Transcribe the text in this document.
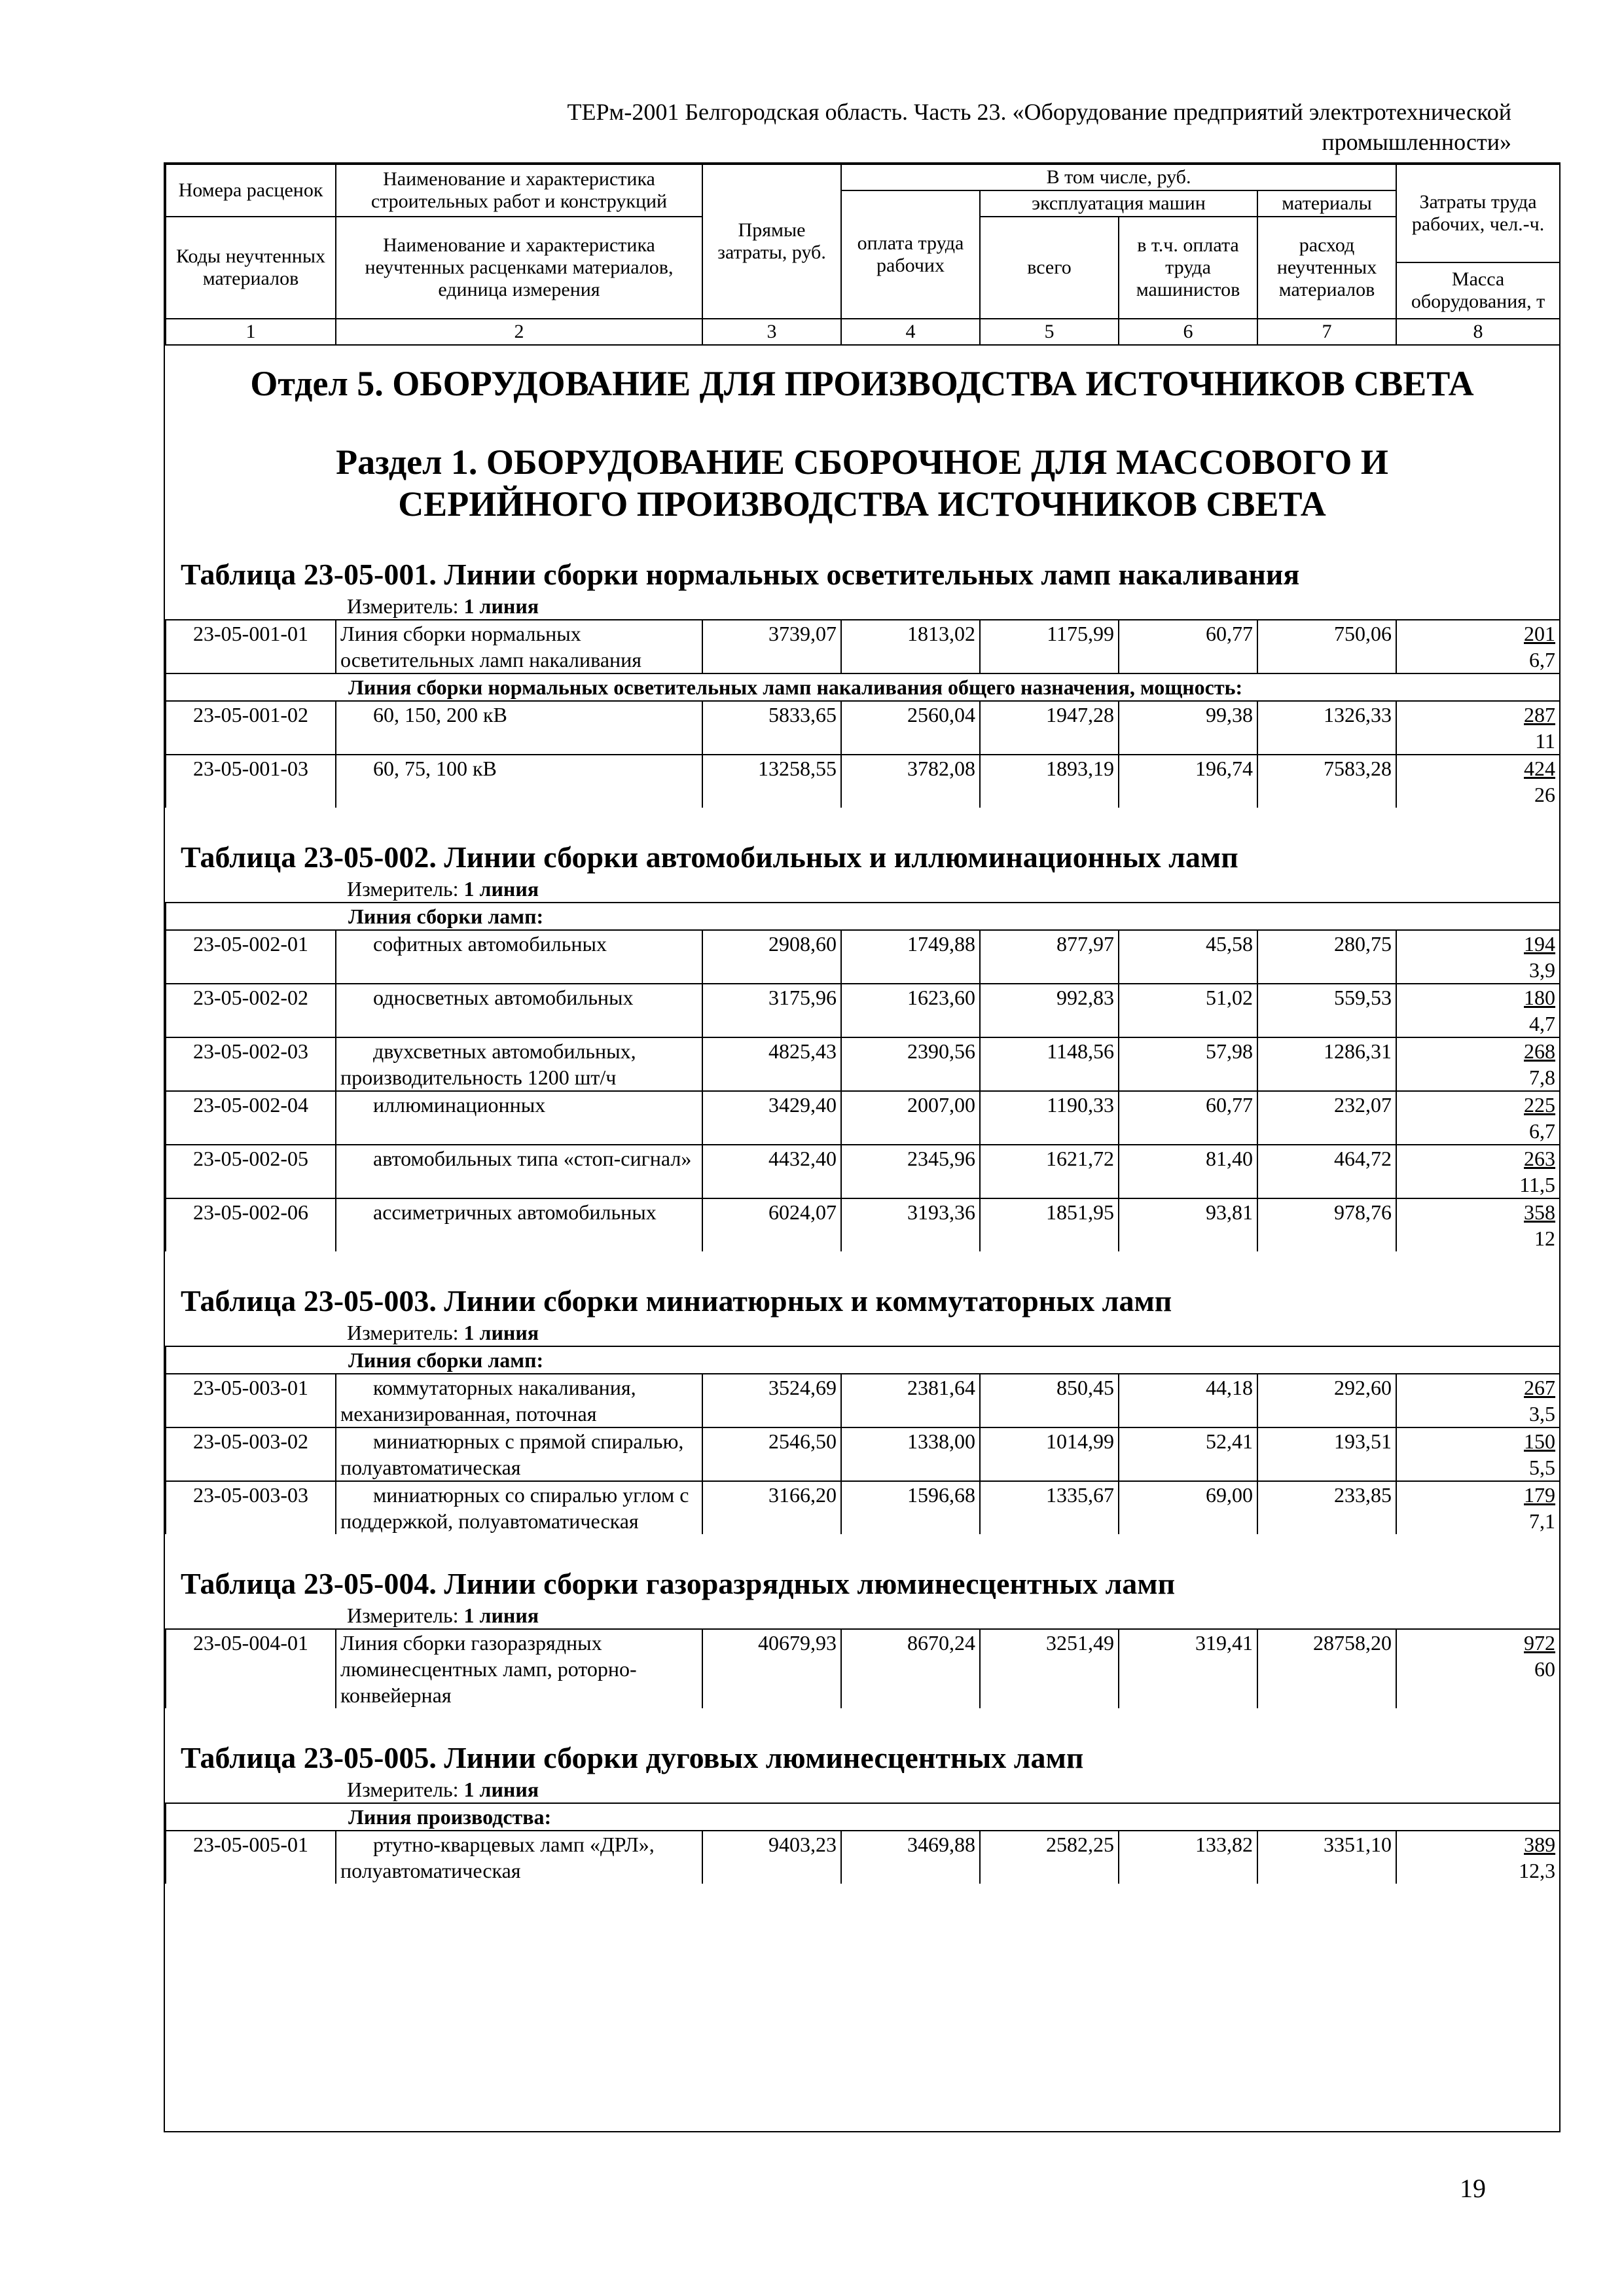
ТЕРм-2001 Белгородская область. Часть 23. «Оборудование предприятий электротехнической
промышленности»
Номера расценок	Наименование и характеристика строительных работ и конструкций	Прямые затраты, руб.	В том числе, руб.				Затраты труда рабочих, чел.-ч.
			оплата труда рабочих	эксплуатация машин		материалы	
Коды неучтенных материалов	Наименование и характеристика неучтенных расценками материалов, единица измерения			всего	в т.ч. оплата труда машинистов	расход неучтенных материалов	
							Масса оборудования, т
1	2	3	4	5	6	7	8
Отдел 5. ОБОРУДОВАНИЕ ДЛЯ ПРОИЗВОДСТВА ИСТОЧНИКОВ СВЕТА
Раздел 1. ОБОРУДОВАНИЕ СБОРОЧНОЕ ДЛЯ МАССОВОГО И
СЕРИЙНОГО ПРОИЗВОДСТВА ИСТОЧНИКОВ СВЕТА
Таблица 23-05-001. Линии сборки нормальных осветительных ламп накаливания
Измеритель: 1 линия
23-05-001-01	Линия сборки нормальных осветительных ламп накаливания	3739,07	1813,02	1175,99	60,77	750,06	201
6,7

Линия сборки нормальных осветительных ламп накаливания общего назначения, мощность:							
23-05-001-02	60, 150, 200 кВ	5833,65	2560,04	1947,28	99,38	1326,33	287
11

23-05-001-03	60, 75, 100 кВ	13258,55	3782,08	1893,19	196,74	7583,28	424
26
Таблица 23-05-002. Линии сборки автомобильных и иллюминационных ламп
Измеритель: 1 линия
Линия сборки ламп:							
23-05-002-01	софитных автомобильных	2908,60	1749,88	877,97	45,58	280,75	194
3,9

23-05-002-02	односветных автомобильных	3175,96	1623,60	992,83	51,02	559,53	180
4,7

23-05-002-03	двухсветных автомобильных, производительность 1200 шт/ч	4825,43	2390,56	1148,56	57,98	1286,31	268
7,8

23-05-002-04	иллюминационных	3429,40	2007,00	1190,33	60,77	232,07	225
6,7

23-05-002-05	автомобильных типа «стоп-сигнал»	4432,40	2345,96	1621,72	81,40	464,72	263
11,5

23-05-002-06	ассиметричных автомобильных	6024,07	3193,36	1851,95	93,81	978,76	358
12
Таблица 23-05-003. Линии сборки миниатюрных и коммутаторных ламп
Измеритель: 1 линия
Линия сборки ламп:							
23-05-003-01	коммутаторных накаливания, механизированная, поточная	3524,69	2381,64	850,45	44,18	292,60	267
3,5

23-05-003-02	миниатюрных с прямой спиралью, полуавтоматическая	2546,50	1338,00	1014,99	52,41	193,51	150
5,5

23-05-003-03	миниатюрных со спиралью углом с поддержкой, полуавтоматическая	3166,20	1596,68	1335,67	69,00	233,85	179
7,1
Таблица 23-05-004. Линии сборки газоразрядных люминесцентных ламп
Измеритель: 1 линия
23-05-004-01	Линия сборки газоразрядных люминесцентных ламп, роторно-конвейерная	40679,93	8670,24	3251,49	319,41	28758,20	972
60
Таблица 23-05-005. Линии сборки дуговых люминесцентных ламп
Измеритель: 1 линия
Линия производства:
23-05-005-01	ртутно-кварцевых ламп «ДРЛ», полуавтоматическая	9403,23	3469,88	2582,25	133,82	3351,10	389
12,3
19
